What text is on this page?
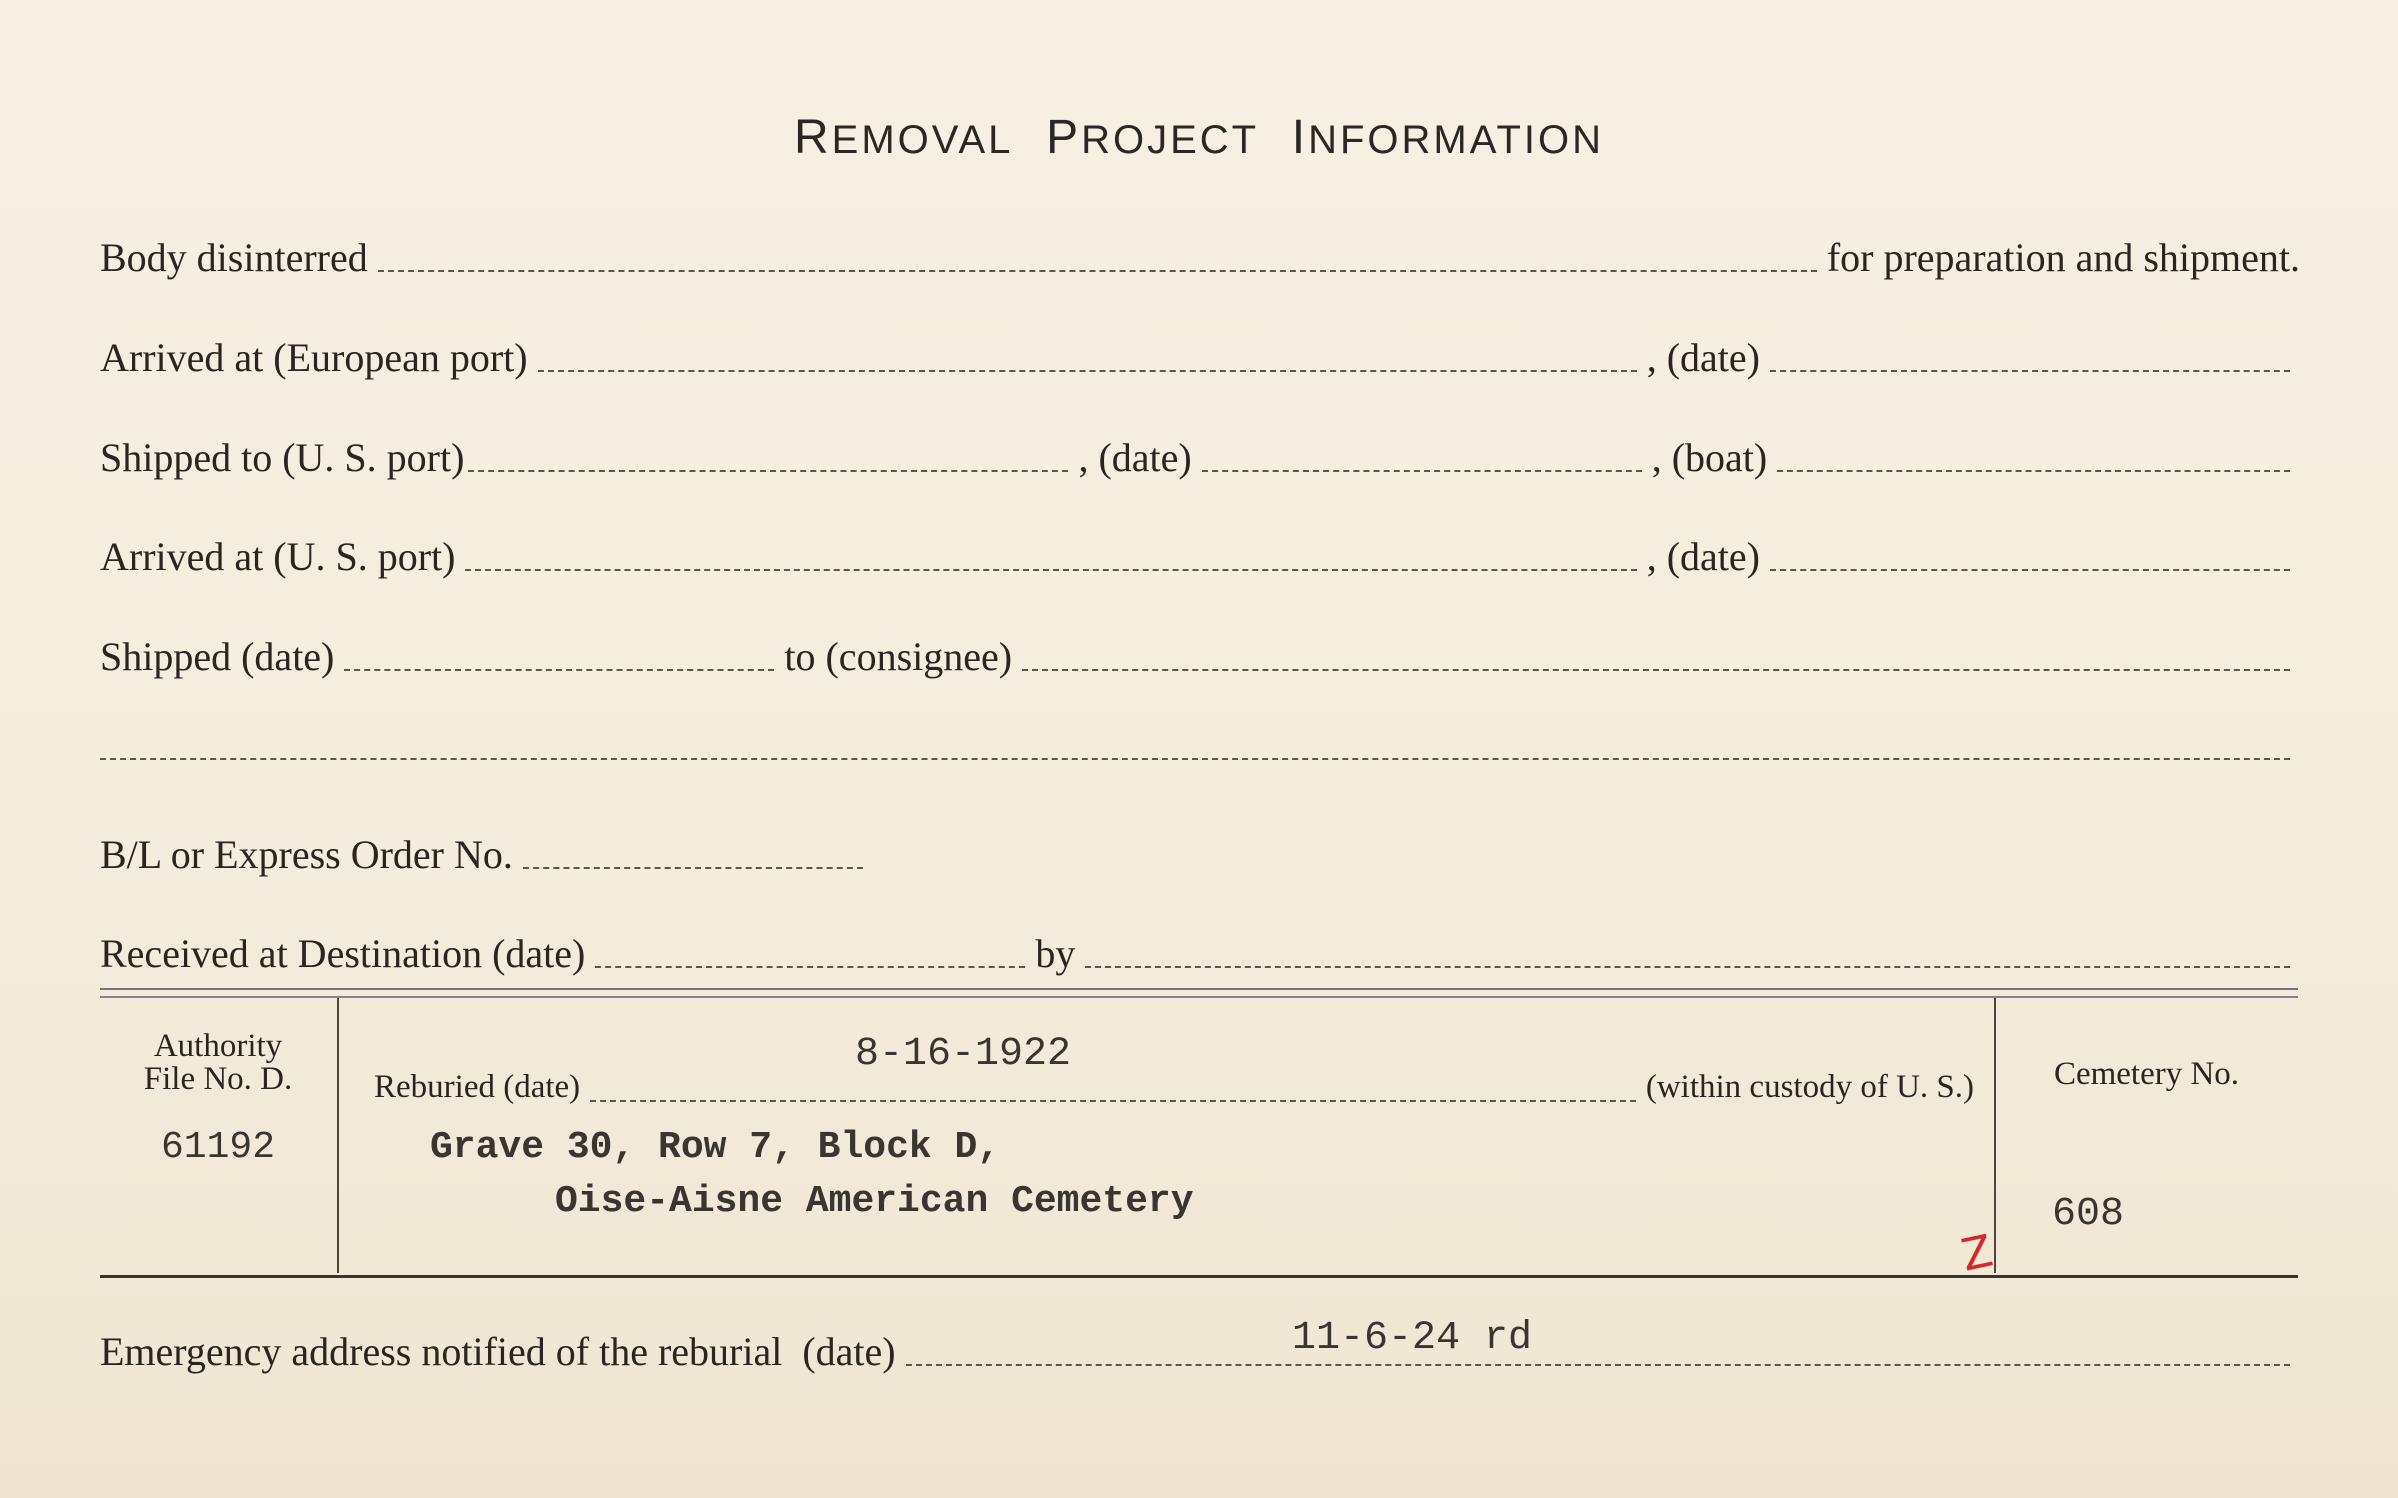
REMOVAL PROJECT INFORMATION
Body disinterred	for preparation and shipment.
Arrived at (European port)	, (date)
Shipped to (U. S. port)	, (date)	, (boat)
Arrived at (U. S. port)	, (date)
Shipped (date)	to (consignee)
B/L or Express Order No.
Received at Destination (date)	by
Authority
File No. D.
61192
8-16-1922
Reburied (date)	(within custody of U. S.)
Grave 30, Row 7, Block D,
Oise-Aisne American Cemetery
Cemetery No.
608
Z
Emergency address notified of the reburial  (date)	11-6-24 rd
